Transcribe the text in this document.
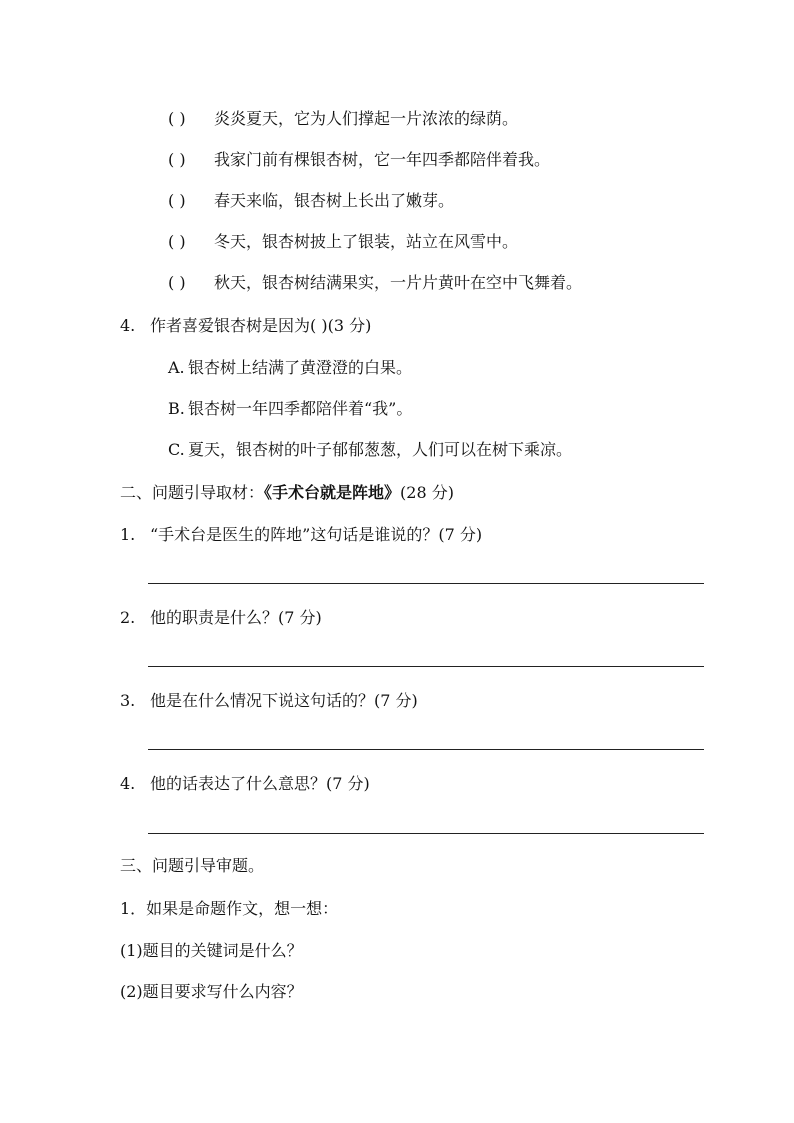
( ) 炎炎夏天，它为人们撑起一片浓浓的绿荫。
( ) 我家门前有棵银杏树，它一年四季都陪伴着我。
( ) 春天来临，银杏树上长出了嫩芽。
( ) 冬天，银杏树披上了银装，站立在风雪中。
( ) 秋天，银杏树结满果实，一片片黄叶在空中飞舞着。
4. 作者喜爱银杏树是因为( )(3 分)
A. 银杏树上结满了黄澄澄的白果。
B. 银杏树一年四季都陪伴着“我”。
C. 夏天，银杏树的叶子郁郁葱葱，人们可以在树下乘凉。
二、问题引导取材：《手术台就是阵地》(28 分)
1. “手术台是医生的阵地”这句话是谁说的？(7 分)
2. 他的职责是什么？(7 分)
3. 他是在什么情况下说这句话的？(7 分)
4. 他的话表达了什么意思？(7 分)
三、问题引导审题。
1．如果是命题作文，想一想：
(1)题目的关键词是什么？
(2)题目要求写什么内容？
